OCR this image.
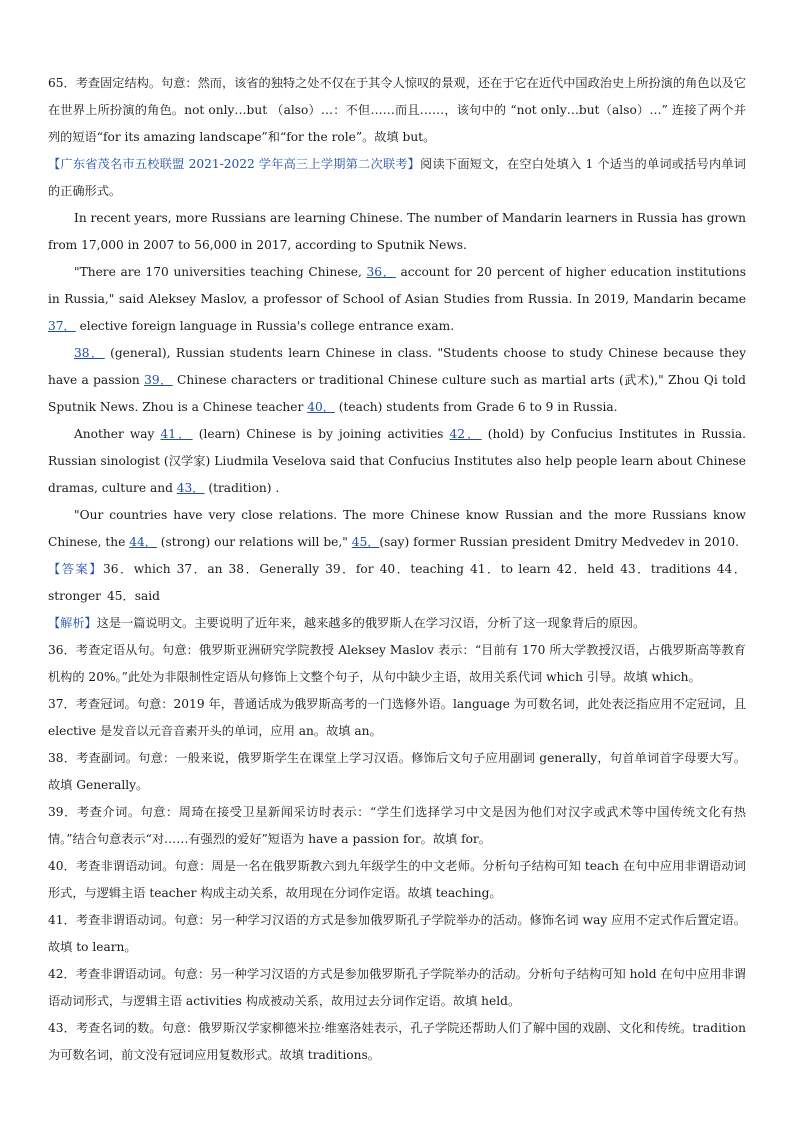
65．考查固定结构。句意：然而，该省的独特之处不仅在于其令人惊叹的景观，还在于它在近代中国政治史上所扮演的角色以及它在世界上所扮演的角色。not only…but （also）…：不但……而且……，该句中的 “not only…but（also）…” 连接了两个并列的短语“for its amazing landscape”和“for the role”。故填 but。

【广东省茂名市五校联盟 2021-2022 学年高三上学期第二次联考】阅读下面短文，在空白处填入 1 个适当的单词或括号内单词的正确形式。

In recent years, more Russians are learning Chinese. The number of Mandarin learners in Russia has grown from 17,000 in 2007 to 56,000 in 2017, according to Sputnik News.

"There are 170 universities teaching Chinese, 36． account for 20 percent of higher education institutions in Russia," said Aleksey Maslov, a professor of School of Asian Studies from Russia. In 2019, Mandarin became 37． elective foreign language in Russia's college entrance exam.

38． (general), Russian students learn Chinese in class. "Students choose to study Chinese because they have a passion 39． Chinese characters or traditional Chinese culture such as martial arts (武术)," Zhou Qi told Sputnik News. Zhou is a Chinese teacher 40． (teach) students from Grade 6 to 9 in Russia.

Another way 41． (learn) Chinese is by joining activities 42． (hold) by Confucius Institutes in Russia. Russian sinologist (汉学家) Liudmila Veselova said that Confucius Institutes also help people learn about Chinese dramas, culture and 43． (tradition) .

"Our countries have very close relations. The more Chinese know Russian and the more Russians know Chinese, the 44． (strong) our relations will be," 45．(say) former Russian president Dmitry Medvedev in 2010.

【答案】36．which 37．an 38．Generally 39．for 40．teaching 41．to learn 42．held 43．traditions 44．stronger 45．said

【解析】这是一篇说明文。主要说明了近年来，越来越多的俄罗斯人在学习汉语，分析了这一现象背后的原因。

36．考查定语从句。句意：俄罗斯亚洲研究学院教授 Aleksey Maslov 表示：“目前有 170 所大学教授汉语，占俄罗斯高等教育机构的 20%。”此处为非限制性定语从句修饰上文整个句子，从句中缺少主语，故用关系代词 which 引导。故填 which。

37．考查冠词。句意：2019 年，普通话成为俄罗斯高考的一门选修外语。language 为可数名词，此处表泛指应用不定冠词，且 elective 是发音以元音音素开头的单词，应用 an。故填 an。

38．考查副词。句意：一般来说，俄罗斯学生在课堂上学习汉语。修饰后文句子应用副词 generally，句首单词首字母要大写。故填 Generally。

39．考查介词。句意：周琦在接受卫星新闻采访时表示：“学生们选择学习中文是因为他们对汉字或武术等中国传统文化有热情。”结合句意表示“对……有强烈的爱好”短语为 have a passion for。故填 for。

40．考查非谓语动词。句意：周是一名在俄罗斯教六到九年级学生的中文老师。分析句子结构可知 teach 在句中应用非谓语动词形式，与逻辑主语 teacher 构成主动关系，故用现在分词作定语。故填 teaching。

41．考查非谓语动词。句意：另一种学习汉语的方式是参加俄罗斯孔子学院举办的活动。修饰名词 way 应用不定式作后置定语。故填 to learn。

42．考查非谓语动词。句意：另一种学习汉语的方式是参加俄罗斯孔子学院举办的活动。分析句子结构可知 hold 在句中应用非谓语动词形式，与逻辑主语 activities 构成被动关系，故用过去分词作定语。故填 held。

43．考查名词的数。句意：俄罗斯汉学家柳德米拉·维塞洛娃表示，孔子学院还帮助人们了解中国的戏剧、文化和传统。tradition 为可数名词，前文没有冠词应用复数形式。故填 traditions。
